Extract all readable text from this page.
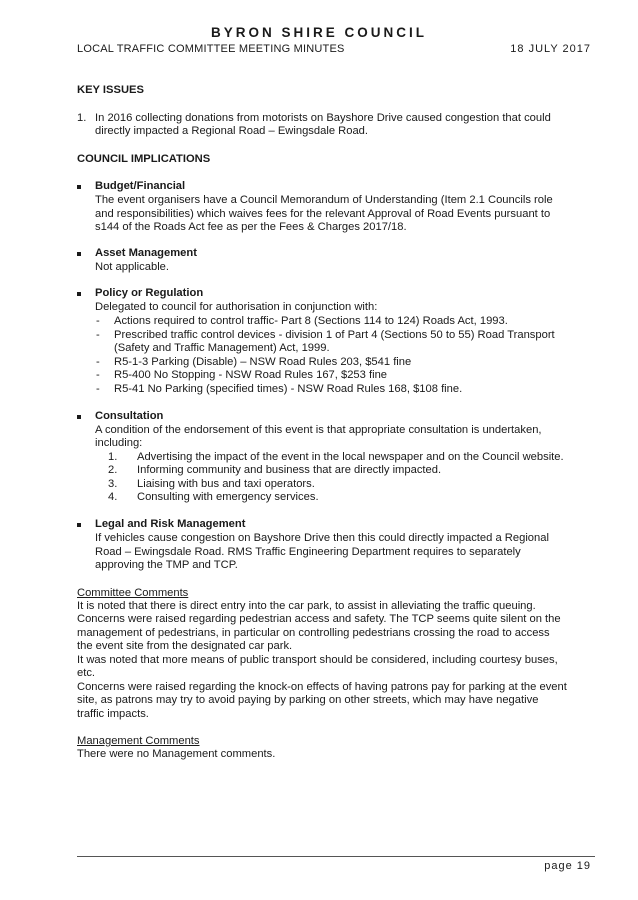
BYRON SHIRE COUNCIL
LOCAL TRAFFIC COMMITTEE MEETING MINUTES	18 JULY 2017
KEY ISSUES
1. In 2016 collecting donations from motorists on Bayshore Drive caused congestion that could
directly impacted a Regional Road – Ewingsdale Road.
COUNCIL IMPLICATIONS
Budget/Financial
The event organisers have a Council Memorandum of Understanding (Item 2.1 Councils role
and responsibilities) which waives fees for the relevant Approval of Road Events pursuant to
s144 of the Roads Act fee as per the Fees & Charges 2017/18.
Asset Management
Not applicable.
Policy or Regulation
Delegated to council for authorisation in conjunction with:
- Actions required to control traffic- Part 8 (Sections 114 to 124) Roads Act, 1993.
- Prescribed traffic control devices - division 1 of Part 4 (Sections 50 to 55) Road Transport
(Safety and Traffic Management) Act, 1999.
- R5-1-3 Parking (Disable) – NSW Road Rules 203, $541 fine
- R5-400 No Stopping - NSW Road Rules 167, $253 fine
- R5-41 No Parking (specified times) - NSW Road Rules 168, $108 fine.
Consultation
A condition of the endorsement of this event is that appropriate consultation is undertaken,
including:
1. Advertising the impact of the event in the local newspaper and on the Council website.
2. Informing community and business that are directly impacted.
3. Liaising with bus and taxi operators.
4. Consulting with emergency services.
Legal and Risk Management
If vehicles cause congestion on Bayshore Drive then this could directly impacted a Regional
Road – Ewingsdale Road. RMS Traffic Engineering Department requires to separately
approving the TMP and TCP.
Committee Comments
It is noted that there is direct entry into the car park, to assist in alleviating the traffic queuing.
Concerns were raised regarding pedestrian access and safety. The TCP seems quite silent on the
management of pedestrians, in particular on controlling pedestrians crossing the road to access
the event site from the designated car park.
It was noted that more means of public transport should be considered, including courtesy buses,
etc.
Concerns were raised regarding the knock-on effects of having patrons pay for parking at the event
site, as patrons may try to avoid paying by parking on other streets, which may have negative
traffic impacts.
Management Comments
There were no Management comments.
page 19
